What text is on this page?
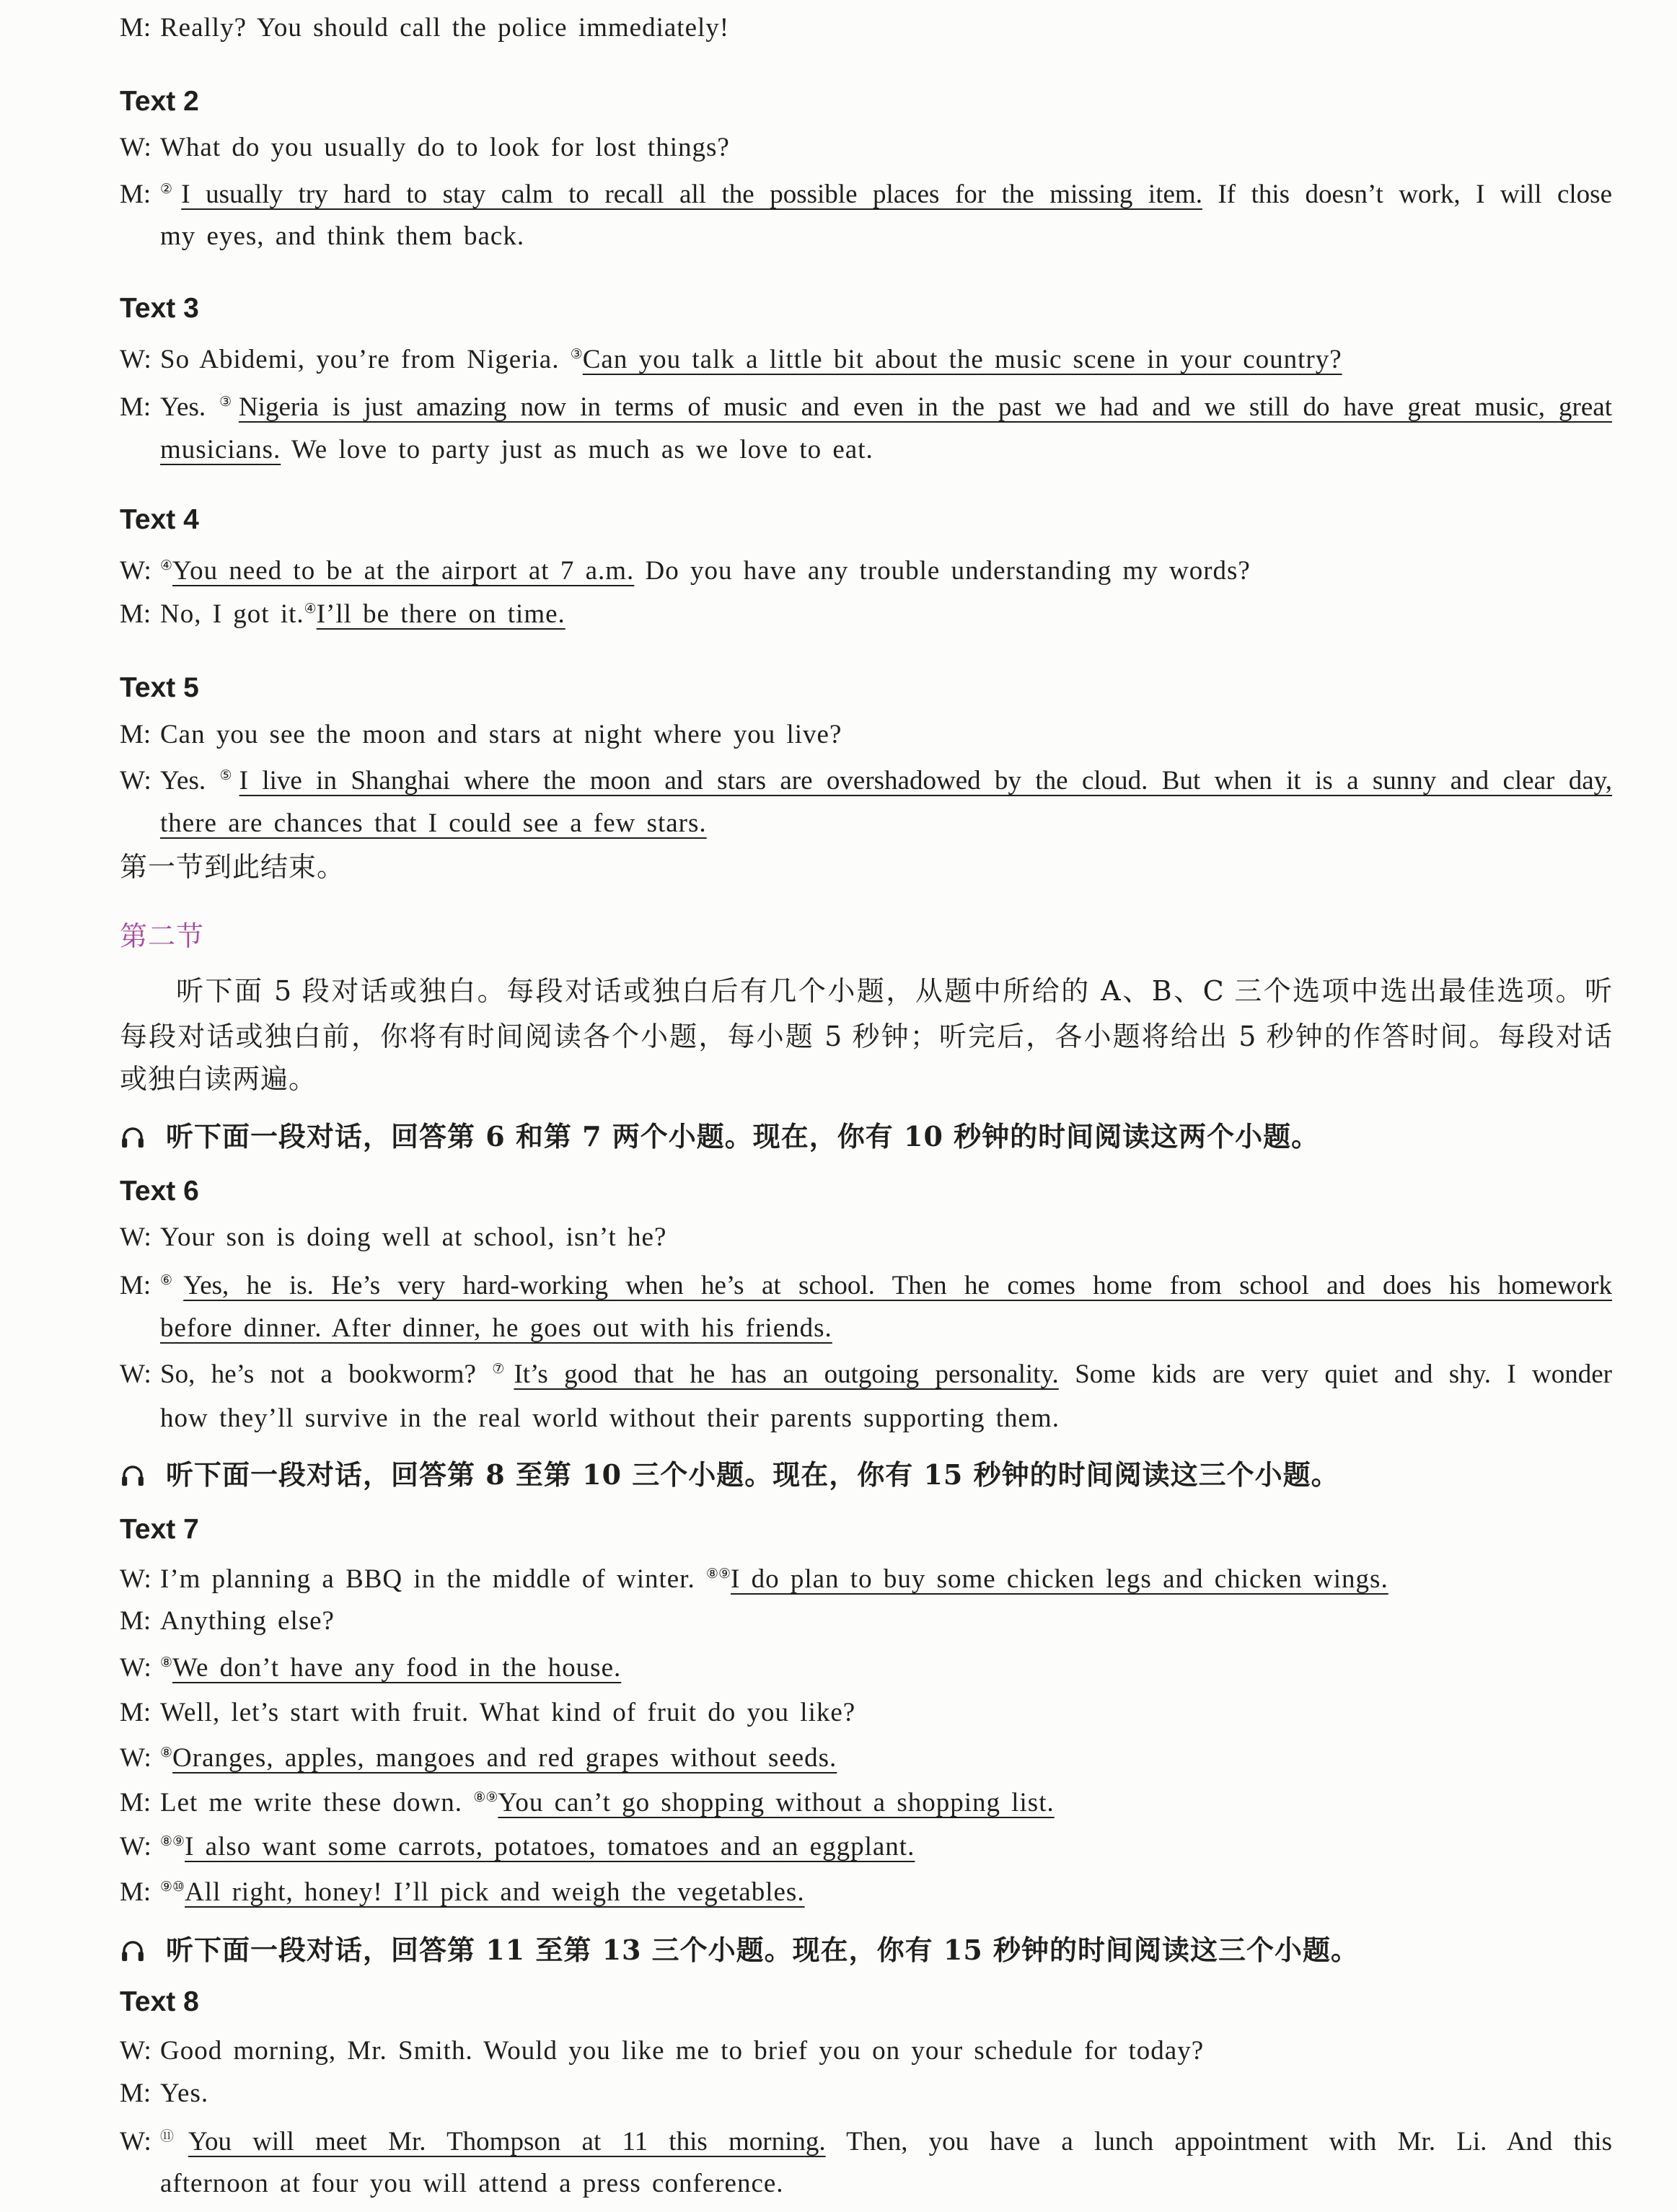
M: Really? You should call the police immediately!
Text 2
W: What do you usually do to look for lost things?
M: ②I usually try hard to stay calm to recall all the possible places for the missing item. If this doesn’t work, I will close
my eyes, and think them back.
Text 3
W: So Abidemi, you’re from Nigeria. ③Can you talk a little bit about the music scene in your country?
M: Yes. ③Nigeria is just amazing now in terms of music and even in the past we had and we still do have great music, great
musicians. We love to party just as much as we love to eat.
Text 4
W: ④You need to be at the airport at 7 a.m. Do you have any trouble understanding my words?
M: No, I got it.④I’ll be there on time.
Text 5
M: Can you see the moon and stars at night where you live?
W: Yes. ⑤I live in Shanghai where the moon and stars are overshadowed by the cloud. But when it is a sunny and clear day,
there are chances that I could see a few stars.
第一节到此结束。
第二节
听下面 5 段对话或独白。每段对话或独白后有几个小题，从题中所给的 A、B、C 三个选项中选出最佳选项。听
每段对话或独白前，你将有时间阅读各个小题，每小题 5 秒钟；听完后，各小题将给出 5 秒钟的作答时间。每段对话
或独白读两遍。
听下面一段对话，回答第 6 和第 7 两个小题。现在，你有 10 秒钟的时间阅读这两个小题。
Text 6
W: Your son is doing well at school, isn’t he?
M: ⑥Yes, he is. He’s very hard-working when he’s at school. Then he comes home from school and does his homework
before dinner. After dinner, he goes out with his friends.
W: So, he’s not a bookworm? ⑦It’s good that he has an outgoing personality. Some kids are very quiet and shy. I wonder
how they’ll survive in the real world without their parents supporting them.
听下面一段对话，回答第 8 至第 10 三个小题。现在，你有 15 秒钟的时间阅读这三个小题。
Text 7
W: I’m planning a BBQ in the middle of winter. ⑧⑨I do plan to buy some chicken legs and chicken wings.
M: Anything else?
W: ⑧We don’t have any food in the house.
M: Well, let’s start with fruit. What kind of fruit do you like?
W: ⑧Oranges, apples, mangoes and red grapes without seeds.
M: Let me write these down. ⑧⑨You can’t go shopping without a shopping list.
W: ⑧⑨I also want some carrots, potatoes, tomatoes and an eggplant.
M: ⑨⑩All right, honey! I’ll pick and weigh the vegetables.
听下面一段对话，回答第 11 至第 13 三个小题。现在，你有 15 秒钟的时间阅读这三个小题。
Text 8
W: Good morning, Mr. Smith. Would you like me to brief you on your schedule for today?
M: Yes.
W: ⑪You will meet Mr. Thompson at 11 this morning. Then, you have a lunch appointment with Mr. Li. And this
afternoon at four you will attend a press conference.
